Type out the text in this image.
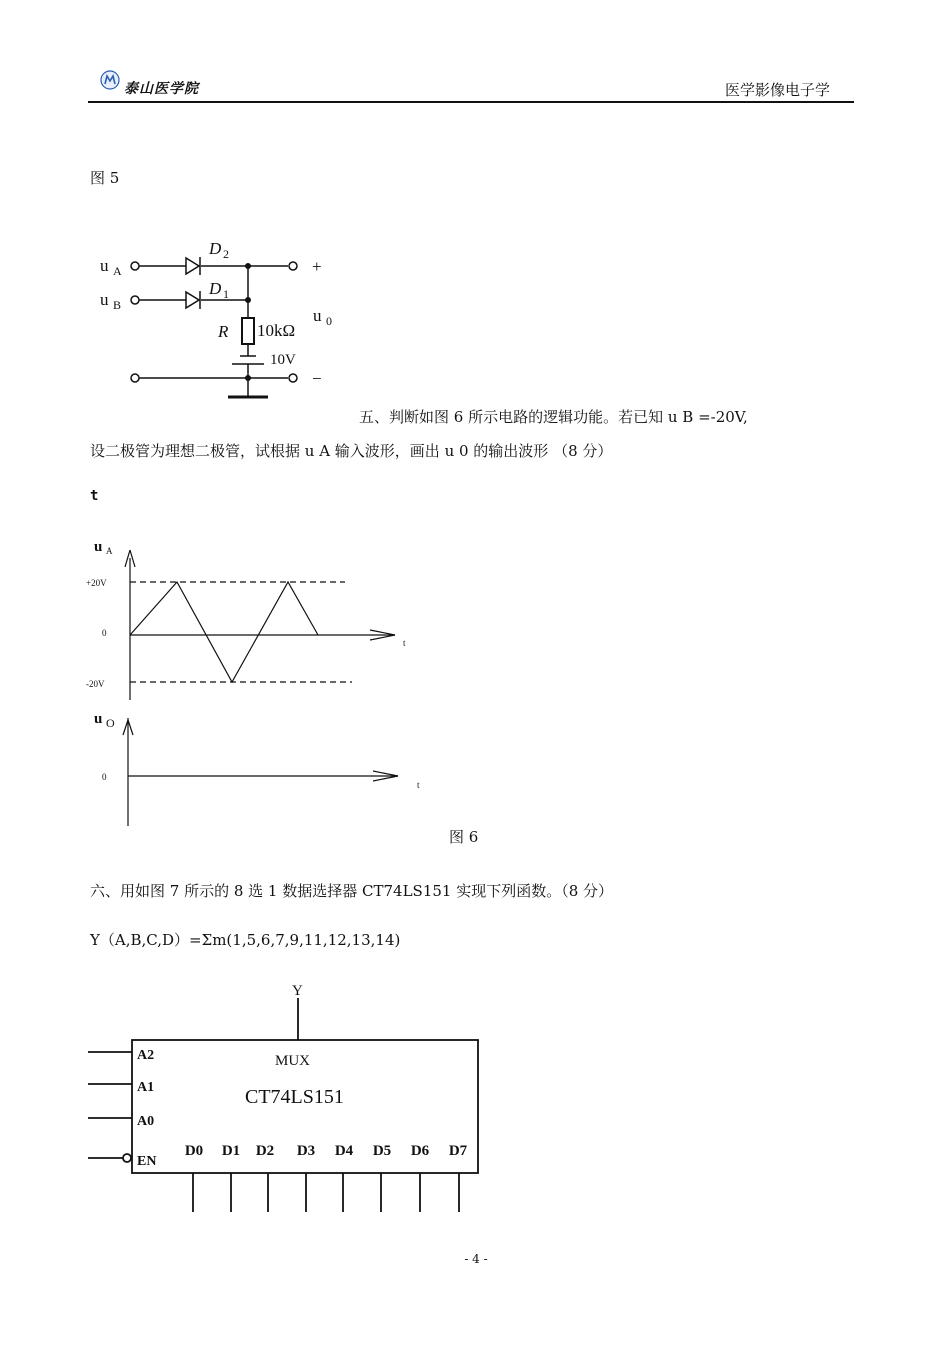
泰山医学院	医学影像电子学
图 5
u A
u B
D 2
D 1
R 10kΩ
u 0
+
−
10V
五、判断如图 6 所示电路的逻辑功能。若已知 u B =-20V,
设二极管为理想二极管，试根据 u A 输入波形，画出 u 0 的输出波形 （8 分）
t
u A
+20V
0
-20V
t
u O
0
t
图 6
六、用如图 7 所示的 8 选 1 数据选择器 CT74LS151 实现下列函数。（8 分）
Y（A,B,C,D）=Σm(1,5,6,7,9,11,12,13,14)
Y
MUX
CT74LS151
A2
A1
A0
EN
D0 D1 D2 D3 D4 D5 D6 D7
- 4 -
